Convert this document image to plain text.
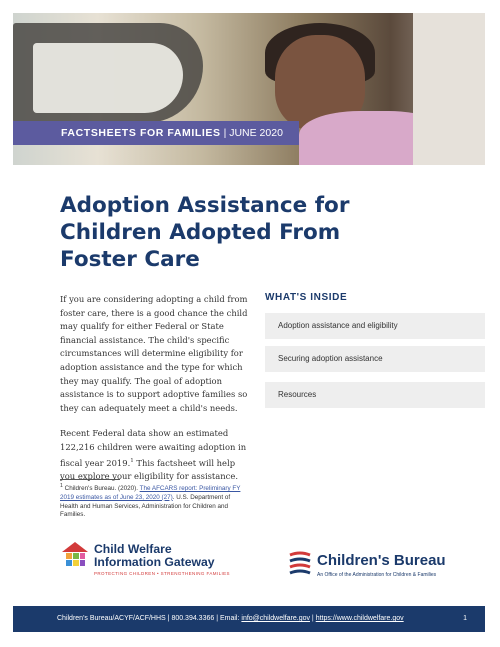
FACTSHEETS FOR FAMILIES | JUNE 2020
Adoption Assistance for
Children Adopted From
Foster Care

If you are considering adopting a child from foster care, there is a good chance the child may qualify for either Federal or State financial assistance. The child's specific circumstances will determine eligibility for adoption assistance and the type for which they may qualify. The goal of adoption assistance is to support adoptive families so they can adequately meet a child's needs.

Recent Federal data show an estimated 122,216 children were awaiting adoption in fiscal year 2019.$^1$ This factsheet will help you explore your eligibility for assistance.

$^1$ Children's Bureau. (2020). The AFCARS report: Preliminary FY 2019 estimates as of June 23, 2020 (27). U.S. Department of Health and Human Services, Administration for Children and Families.
WHAT'S INSIDE
Adoption assistance and eligibility
Securing adoption assistance
Resources
Child Welfare
Information Gateway
PROTECTING CHILDREN • STRENGTHENING FAMILIES
Children's Bureau
An Office of the Administration for Children & Families
Children's Bureau/ACYF/ACF/HHS | 800.394.3366 | Email: info@childwelfare.gov | https://www.childwelfare.gov	1
